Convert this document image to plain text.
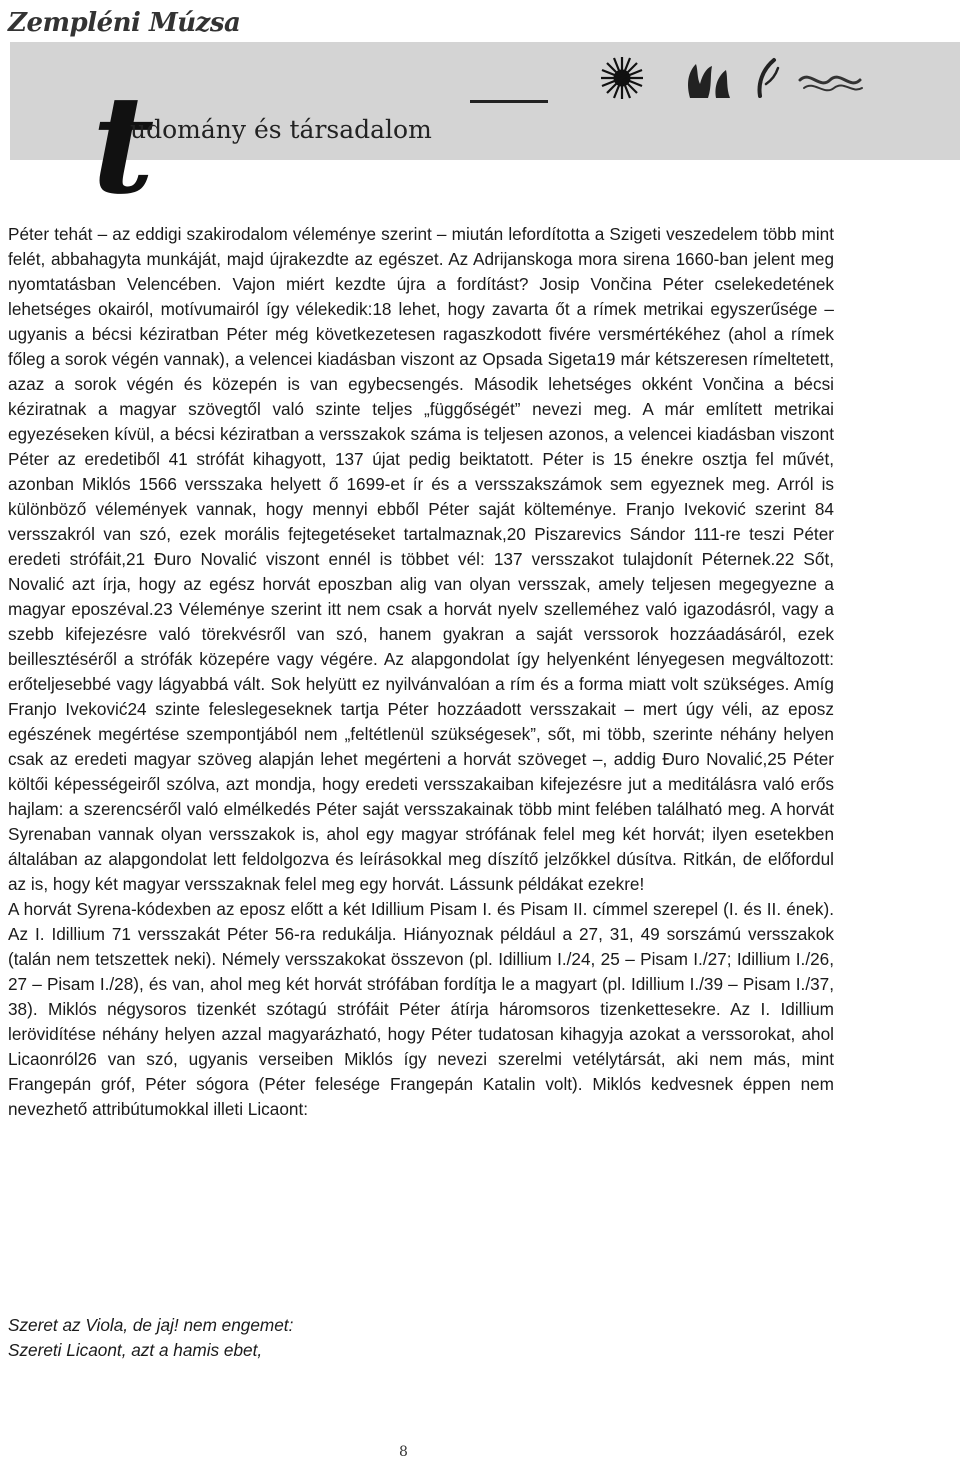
Zempléni Múzsa
t
udomány és társadalom

Péter tehát – az eddigi szakirodalom véleménye szerint – miután lefordította a Szigeti veszedelem több mint felét, abbahagyta munkáját, majd újrakezdte az egészet. Az Adrijanskoga mora sirena 1660-ban jelent meg nyomtatásban Velencében. Vajon miért kezdte újra a fordítást? Josip Vončina Péter cselekedetének lehetséges okairól, motívumairól így vélekedik:18 lehet, hogy zavarta őt a rímek metrikai egyszerűsége – ugyanis a bécsi kéziratban Péter még következetesen ragaszkodott fivére versmértékéhez (ahol a rímek főleg a sorok végén vannak), a velencei kiadásban viszont az Opsada Sigeta19 már kétszeresen rímeltetett, azaz a sorok végén és közepén is van egybecsengés. Második lehetséges okként Vončina a bécsi kéziratnak a magyar szövegtől való szinte teljes „függőségét” nevezi meg. A már említett metrikai egyezéseken kívül, a bécsi kéziratban a versszakok száma is teljesen azonos, a velencei kiadásban viszont Péter az eredetiből 41 strófát kihagyott, 137 újat pedig beiktatott. Péter is 15 énekre osztja fel művét, azonban Miklós 1566 versszaka helyett ő 1699-et ír és a versszakszámok sem egyeznek meg. Arról is különböző vélemények vannak, hogy mennyi ebből Péter saját költeménye. Franjo Iveković szerint 84 versszakról van szó, ezek morális fejtegetéseket tartalmaznak,20 Piszarevics Sándor 111-re teszi Péter eredeti strófáit,21 Đuro Novalić viszont ennél is többet vél: 137 versszakot tulajdonít Péternek.22 Sőt, Novalić azt írja, hogy az egész horvát eposzban alig van olyan versszak, amely teljesen megegyezne a magyar eposzéval.23 Véleménye szerint itt nem csak a horvát nyelv szelleméhez való igazodásról, vagy a szebb kifejezésre való törekvésről van szó, hanem gyakran a saját verssorok hozzáadásáról, ezek beillesztéséről a strófák közepére vagy végére. Az alapgondolat így helyenként lényegesen megváltozott: erőteljesebbé vagy lágyabbá vált. Sok helyütt ez nyilvánvalóan a rím és a forma miatt volt szükséges. Amíg Franjo Iveković24 szinte feleslegeseknek tartja Péter hozzáadott versszakait – mert úgy véli, az eposz egészének megértése szempontjából nem „feltétlenül szükségesek”, sőt, mi több, szerinte néhány helyen csak az eredeti magyar szöveg alapján lehet megérteni a horvát szöveget –, addig Đuro Novalić,25 Péter költői képességeiről szólva, azt mondja, hogy eredeti versszakaiban kifejezésre jut a meditálásra való erős hajlam: a szerencséről való elmélkedés Péter saját versszakainak több mint felében található meg. A horvát Syrenaban vannak olyan versszakok is, ahol egy magyar strófának felel meg két horvát; ilyen esetekben általában az alapgondolat lett feldolgozva és leírásokkal meg díszítő jelzőkkel dúsítva. Ritkán, de előfordul az is, hogy két magyar versszaknak felel meg egy horvát. Lássunk példákat ezekre!

A horvát Syrena-kódexben az eposz előtt a két Idillium Pisam I. és Pisam II. címmel szerepel (I. és II. ének). Az I. Idillium 71 versszakát Péter 56-ra redukálja. Hiányoznak például a 27, 31, 49 sorszámú versszakok (talán nem tetszettek neki). Némely versszakokat összevon (pl. Idillium I./24, 25 – Pisam I./27; Idillium I./26, 27 – Pisam I./28), és van, ahol meg két horvát strófában fordítja le a magyart (pl. Idillium I./39 – Pisam I./37, 38). Miklós négysoros tizenkét szótagú strófáit Péter átírja háromsoros tizenkettesekre. Az I. Idillium lerövidítése néhány helyen azzal magyarázható, hogy Péter tudatosan kihagyja azokat a verssorokat, ahol Licaonról26 van szó, ugyanis verseiben Miklós így nevezi szerelmi vetélytársát, aki nem más, mint Frangepán gróf, Péter sógora (Péter felesége Frangepán Katalin volt). Miklós kedvesnek éppen nem nevezhető attribútumokkal illeti Licaont:

Szeret az Viola, de jaj! nem engemet:
Szereti Licaont, azt a hamis ebet,
8
